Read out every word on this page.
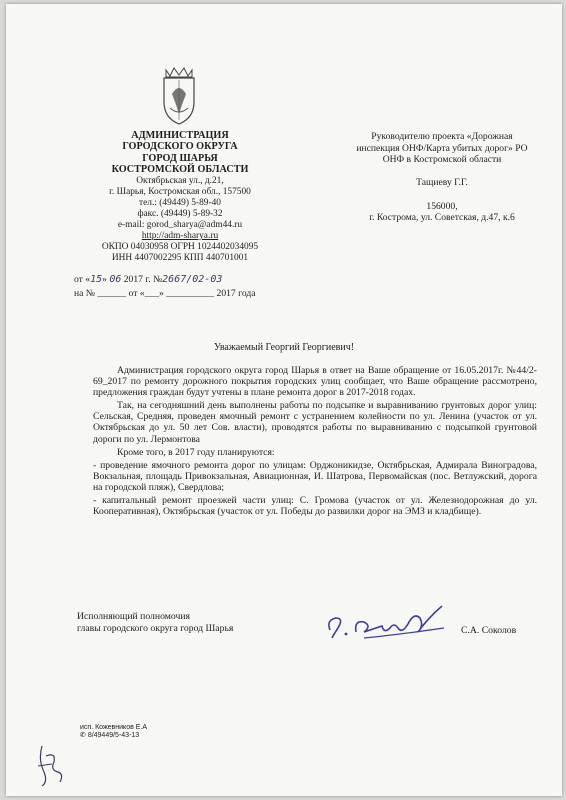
АДМИНИСТРАЦИЯ
ГОРОДСКОГО ОКРУГА
ГОРОД ШАРЬЯ
КОСТРОМСКОЙ ОБЛАСТИ
Октябрьская ул., д.21,
г. Шарья, Костромская обл., 157500
тел.: (49449) 5-89-40
факс. (49449) 5-89-32
e-mail: gorod_sharya@adm44.ru
http://adm-sharya.ru
ОКПО 04030958 ОГРН 1024402034095
ИНН 4407002295 КПП 440701001
от «15» 06 2017 г. №2667/02-03
на № ______ от «___» __________ 2017 года
Руководителю проекта «Дорожная
инспекция ОНФ/Карта убитых дорог» РО
ОНФ в Костромской области
Тащиеву Г.Г.
156000,
г. Кострома, ул. Советская, д.47, к.6
Уважаемый Георгий Георгиевич!

Администрация городского округа город Шарья в ответ на Ваше обращение от 16.05.2017г. №44/2-69_2017 по ремонту дорожного покрытия городских улиц сообщает, что Ваше обращение рассмотрено, предложения граждан будут учтены в плане ремонта дорог в 2017-2018 годах.

Так, на сегодняшний день выполнены работы по подсыпке и выравниванию грунтовых дорог улиц: Сельская, Средняя, проведен ямочный ремонт с устранением колейности по ул. Ленина (участок от ул. Октябрьская до ул. 50 лет Сов. власти), проводятся работы по выравниванию с подсыпкой грунтовой дороги по ул. Лермонтова

Кроме того, в 2017 году планируются:

- проведение ямочного ремонта дорог по улицам: Орджоникидзе, Октябрьская, Адмирала Виноградова, Вокзальная, площадь Привокзальная, Авиационная, И. Шатрова, Первомайская (пос. Ветлужский, дорога на городской пляж), Свердлова;

- капитальный ремонт проезжей части улиц: С. Громова (участок от ул. Железнодорожная до ул. Кооперативная), Октябрьская (участок от ул. Победы до развилки дорог на ЭМЗ и кладбище).

Исполняющий полномочия
главы городского округа город Шарья	С.А. Соколов
исп. Кожевников Е.А
✆ 8/49449/5-43-13
